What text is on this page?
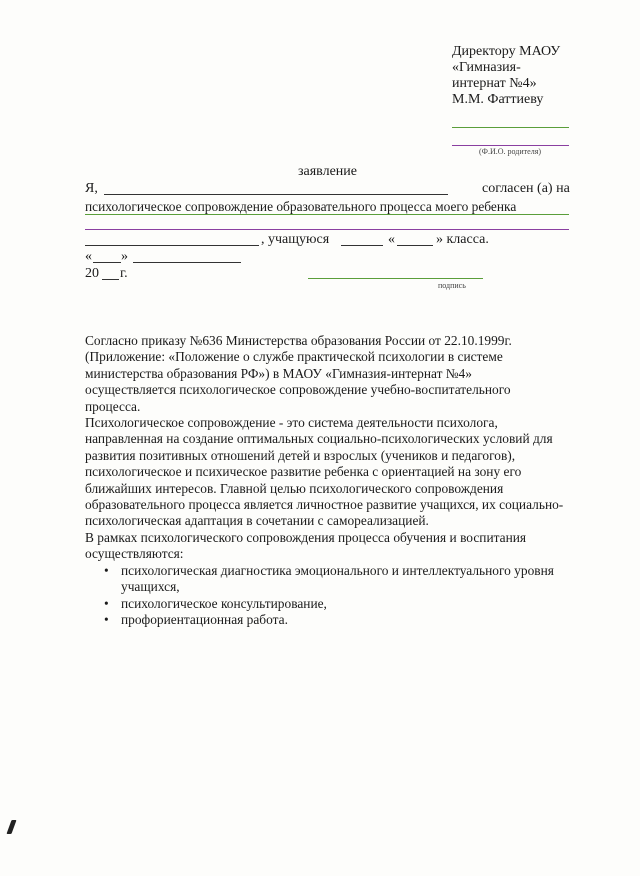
Директору МАОУ
«Гимназия-
интернат №4»
М.М. Фаттиеву
(Ф.И.О. родителя)
заявление
Я,	согласен (а) на
психологическое сопровождение образовательного процесса моего ребенка
, учащуюся	«	» класса.
« »
20 г.
подпись

Согласно приказу №636 Министерства образования России от 22.10.1999г. (Приложение: «Положение о службе практической психологии в системе министерства образования РФ») в МАОУ «Гимназия-интернат №4» осуществляется психологическое сопровождение учебно-воспитательного процесса.

Психологическое сопровождение - это система деятельности психолога, направленная на создание оптимальных социально-психологических условий для развития позитивных отношений детей и взрослых (учеников и педагогов), психологическое и психическое развитие ребенка с ориентацией на зону его ближайших интересов. Главной целью психологического сопровождения образовательного процесса является личностное развитие учащихся, их социально-психологическая адаптация в сочетании с самореализацией.

В рамках психологического сопровождения процесса обучения и воспитания осуществляются:

• психологическая диагностика эмоционального и интеллектуального уровня учащихся,
• психологическое консультирование,
• профориентационная работа.
